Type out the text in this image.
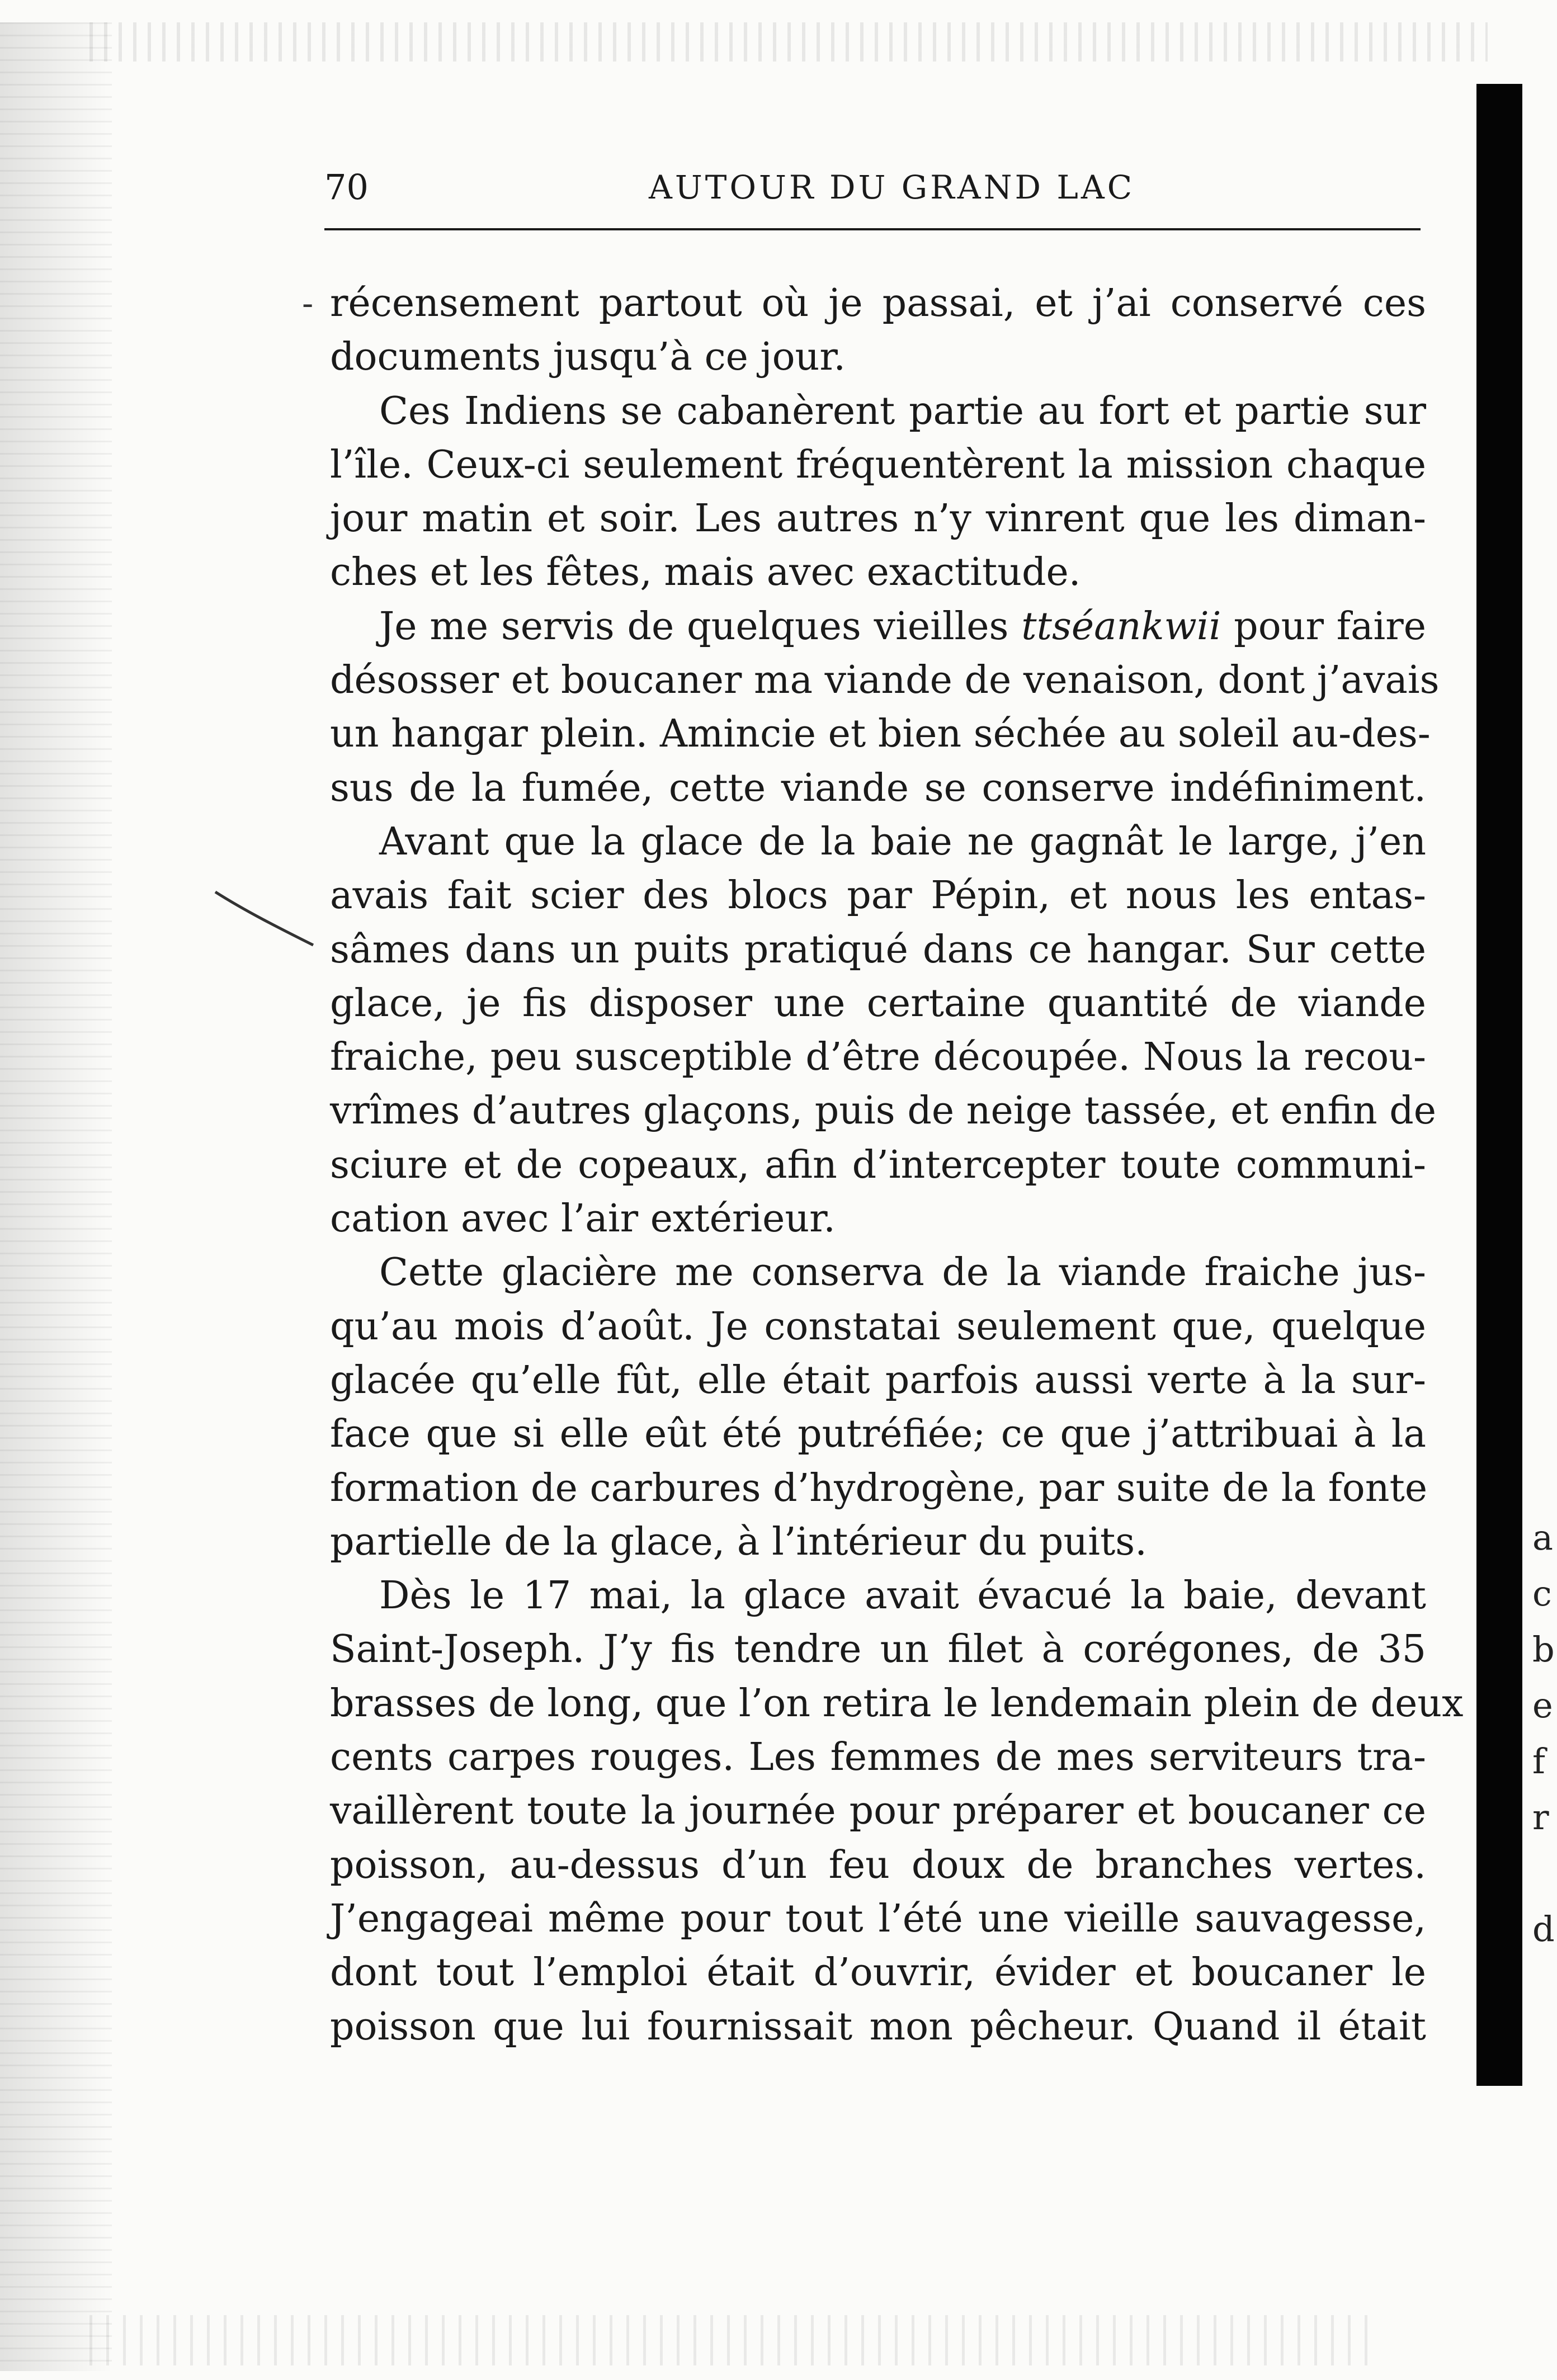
a
c
b
e
f
r
d
70	AUTOUR DU GRAND LAC
- récensement partout où je passai, et j’ai conservé ces
documents jusqu’à ce jour.
Ces Indiens se cabanèrent partie au fort et partie sur
l’île. Ceux-ci seulement fréquentèrent la mission chaque
jour matin et soir. Les autres n’y vinrent que les diman-
ches et les fêtes, mais avec exactitude.
Je me servis de quelques vieilles ttséankwii pour faire
désosser et boucaner ma viande de venaison, dont j’avais
un hangar plein. Amincie et bien séchée au soleil au-des-
sus de la fumée, cette viande se conserve indéfiniment.
Avant que la glace de la baie ne gagnât le large, j’en
avais fait scier des blocs par Pépin, et nous les entas-
sâmes dans un puits pratiqué dans ce hangar. Sur cette
glace, je fis disposer une certaine quantité de viande
fraiche, peu susceptible d’être découpée. Nous la recou-
vrîmes d’autres glaçons, puis de neige tassée, et enfin de
sciure et de copeaux, afin d’intercepter toute communi-
cation avec l’air extérieur.
Cette glacière me conserva de la viande fraiche jus-
qu’au mois d’août. Je constatai seulement que, quelque
glacée qu’elle fût, elle était parfois aussi verte à la sur-
face que si elle eût été putréfiée; ce que j’attribuai à la
formation de carbures d’hydrogène, par suite de la fonte
partielle de la glace, à l’intérieur du puits.
Dès le 17 mai, la glace avait évacué la baie, devant
Saint-Joseph. J’y fis tendre un filet à corégones, de 35
brasses de long, que l’on retira le lendemain plein de deux
cents carpes rouges. Les femmes de mes serviteurs tra-
vaillèrent toute la journée pour préparer et boucaner ce
poisson, au-dessus d’un feu doux de branches vertes.
J’engageai même pour tout l’été une vieille sauvagesse,
dont tout l’emploi était d’ouvrir, évider et boucaner le
poisson que lui fournissait mon pêcheur. Quand il était
